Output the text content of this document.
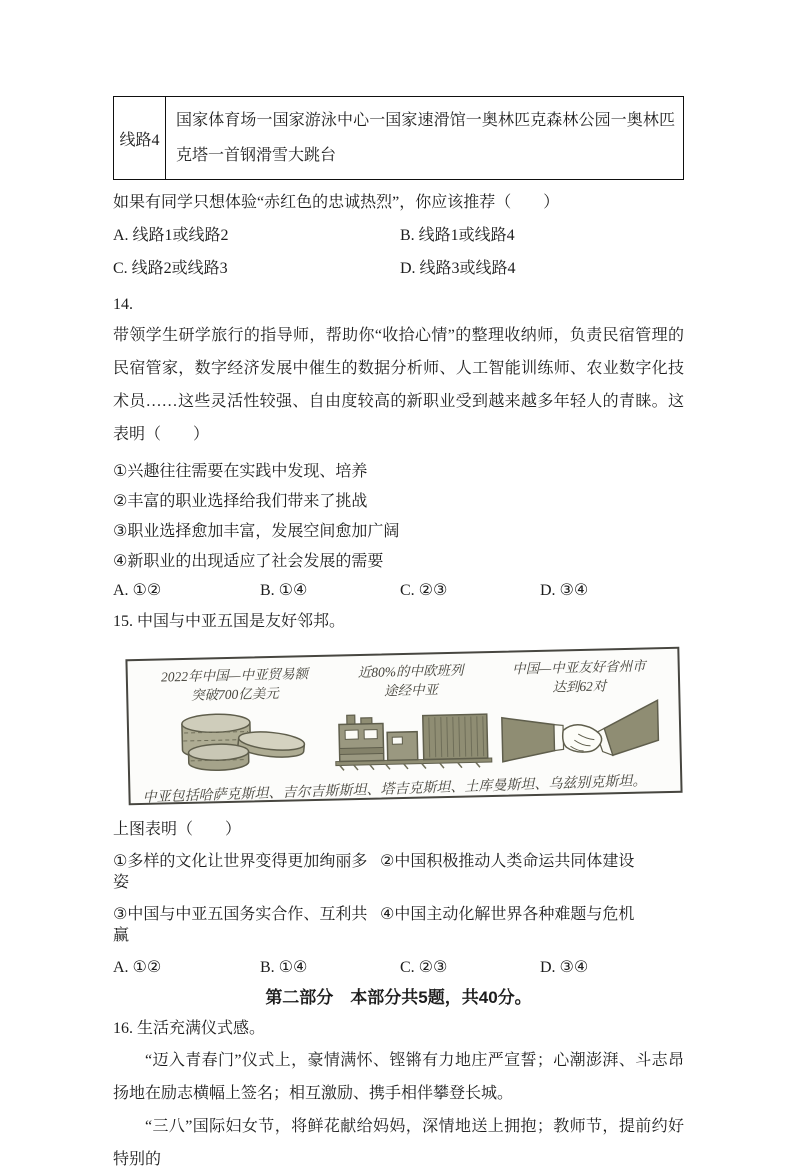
线路4	国家体育场一国家游泳中心一国家速滑馆一奥林匹克森林公园一奥林匹克塔一首钢滑雪大跳台

如果有同学只想体验“赤红色的忠诚热烈”，你应该推荐（　　）

A. 线路1或线路2	B. 线路1或线路4
C. 线路2或线路3	D. 线路3或线路4

14.

带领学生研学旅行的指导师，帮助你“收拾心情”的整理收纳师，负责民宿管理的民宿管家，数字经济发展中催生的数据分析师、人工智能训练师、农业数字化技术员……这些灵活性较强、自由度较高的新职业受到越来越多年轻人的青睐。这表明（　　）

①兴趣往往需要在实践中发现、培养

②丰富的职业选择给我们带来了挑战

③职业选择愈加丰富，发展空间愈加广阔

④新职业的出现适应了社会发展的需要

A. ①②	B. ①④	C. ②③	D. ③④

15. 中国与中亚五国是友好邻邦。

2022年中国—中亚贸易额
突破700亿美元
近80%的中欧班列
途经中亚
中国—中亚友好省州市
达到62对
中亚包括哈萨克斯坦、吉尔吉斯斯坦、塔吉克斯坦、土库曼斯坦、乌兹别克斯坦。

上图表明（　　）

①多样的文化让世界变得更加绚丽多姿
②中国积极推动人类命运共同体建设
③中国与中亚五国务实合作、互利共赢
④中国主动化解世界各种难题与危机
A. ①②	B. ①④	C. ②③	D. ③④

第二部分　本部分共5题，共40分。

16. 生活充满仪式感。

“迈入青春门”仪式上，豪情满怀、铿锵有力地庄严宣誓；心潮澎湃、斗志昂扬地在励志横幅上签名；相互激励、携手相伴攀登长城。

“三八”国际妇女节，将鲜花献给妈妈，深情地送上拥抱；教师节，提前约好特别的
